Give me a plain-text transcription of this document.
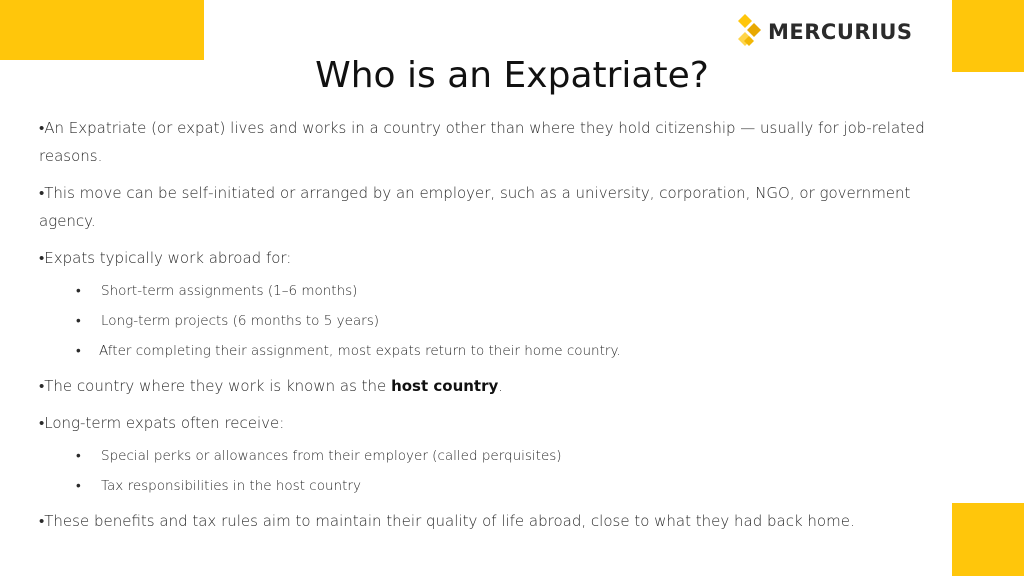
MERCURIUS
Who is an Expatriate?
•An Expatriate (or expat) lives and works in a country other than where they hold citizenship — usually for job-related reasons.
•This move can be self-initiated or arranged by an employer, such as a university, corporation, NGO, or government agency.
•Expats typically work abroad for:
• Short-term assignments (1–6 months)
• Long-term projects (6 months to 5 years)
• After completing their assignment, most expats return to their home country.
•The country where they work is known as the host country.
•Long-term expats often receive:
• Special perks or allowances from their employer (called perquisites)
• Tax responsibilities in the host country
•These benefits and tax rules aim to maintain their quality of life abroad, close to what they had back home.
